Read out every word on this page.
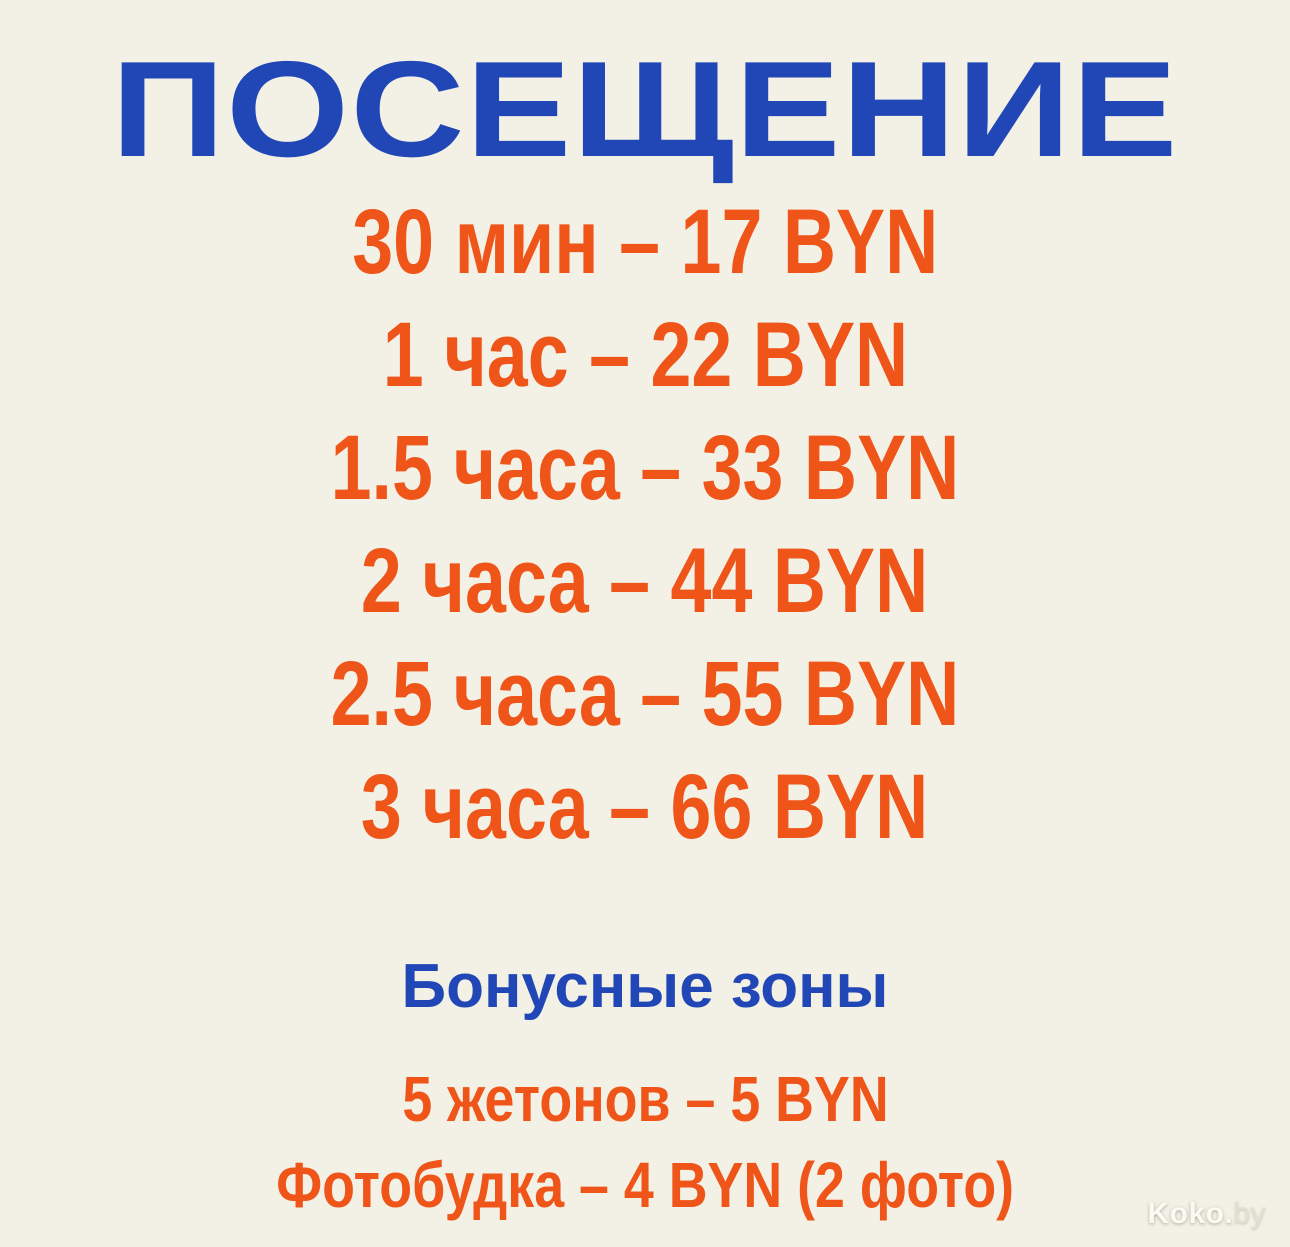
ПОСЕЩЕНИЕ
30 мин – 17 BYN
1 час – 22 BYN
1.5 часа – 33 BYN
2 часа – 44 BYN
2.5 часа – 55 BYN
3 часа – 66 BYN
Бонусные зоны
5 жетонов – 5 BYN
Фотобудка – 4 BYN (2 фото)	Koko.by
